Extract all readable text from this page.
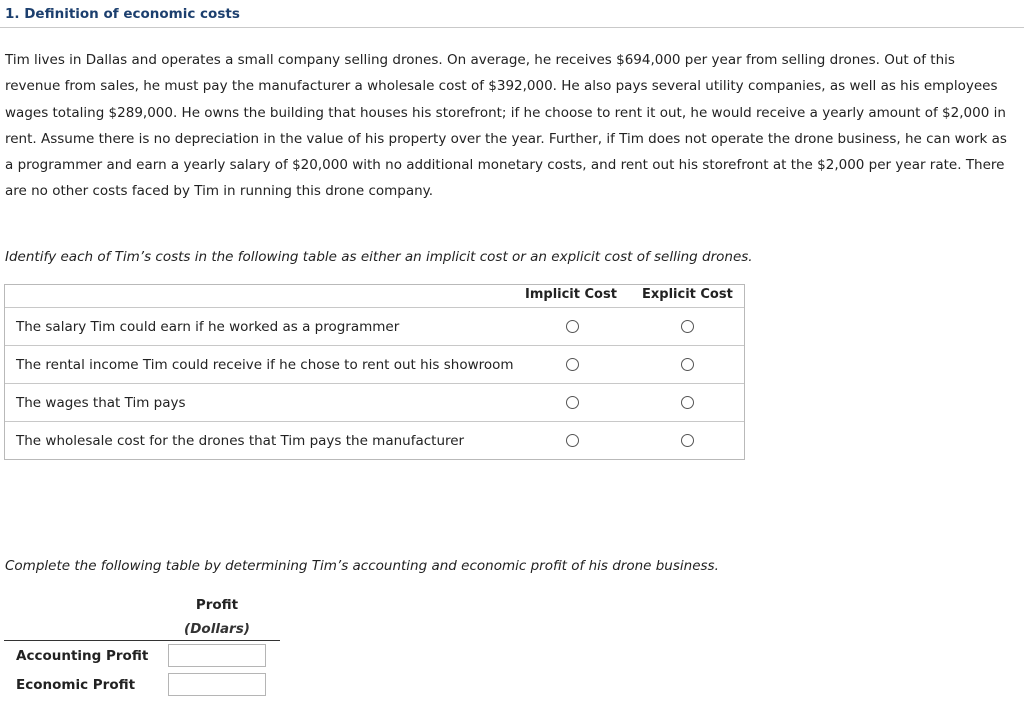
1. Definition of economic costs

Tim lives in Dallas and operates a small company selling drones. On average, he receives $694,000 per year from selling drones. Out of this revenue from sales, he must pay the manufacturer a wholesale cost of $392,000. He also pays several utility companies, as well as his employees wages totaling $289,000. He owns the building that houses his storefront; if he choose to rent it out, he would receive a yearly amount of $2,000 in rent. Assume there is no depreciation in the value of his property over the year. Further, if Tim does not operate the drone business, he can work as a programmer and earn a yearly salary of $20,000 with no additional monetary costs, and rent out his storefront at the $2,000 per year rate. There are no other costs faced by Tim in running this drone company.

Identify each of Tim’s costs in the following table as either an implicit cost or an explicit cost of selling drones.

Implicit Cost Explicit Cost
The salary Tim could earn if he worked as a programmer
The rental income Tim could receive if he chose to rent out his showroom
The wages that Tim pays
The wholesale cost for the drones that Tim pays the manufacturer

Complete the following table by determining Tim’s accounting and economic profit of his drone business.

Profit
(Dollars)
Accounting Profit
Economic Profit
